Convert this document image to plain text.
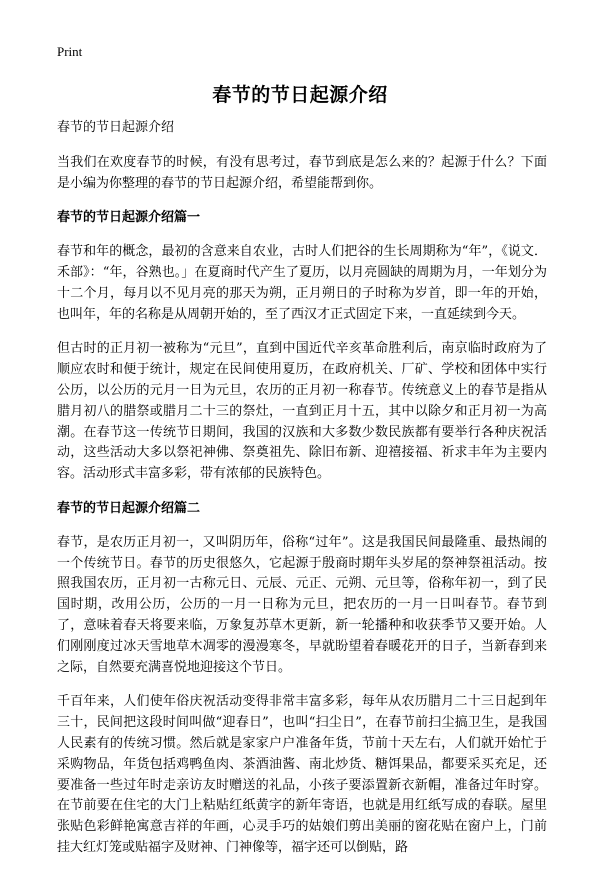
Print
春节的节日起源介绍

春节的节日起源介绍

当我们在欢度春节的时候，有没有思考过，春节到底是怎么来的？起源于什么？下面是小编为你整理的春节的节日起源介绍，希望能帮到你。

春节的节日起源介绍篇一

春节和年的概念，最初的含意来自农业，古时人们把谷的生长周期称为“年”，《说文．禾部》：“年，谷熟也。」在夏商时代产生了夏历，以月亮圆缺的周期为月，一年划分为十二个月，每月以不见月亮的那天为朔，正月朔日的子时称为岁首，即一年的开始，也叫年，年的名称是从周朝开始的，至了西汉才正式固定下来，一直延续到今天。

但古时的正月初一被称为“元旦”，直到中国近代辛亥革命胜利后，南京临时政府为了顺应农时和便于统计，规定在民间使用夏历，在政府机关、厂矿、学校和团体中实行公历，以公历的元月一日为元旦，农历的正月初一称春节。传统意义上的春节是指从腊月初八的腊祭或腊月二十三的祭灶，一直到正月十五，其中以除夕和正月初一为高潮。在春节这一传统节日期间，我国的汉族和大多数少数民族都有要举行各种庆祝活动，这些活动大多以祭祀神佛、祭奠祖先、除旧布新、迎禧接福、祈求丰年为主要内容。活动形式丰富多彩，带有浓郁的民族特色。

春节的节日起源介绍篇二

春节，是农历正月初一，又叫阴历年，俗称“过年”。这是我国民间最隆重、最热闹的一个传统节日。春节的历史很悠久，它起源于殷商时期年头岁尾的祭神祭祖活动。按照我国农历，正月初一古称元日、元辰、元正、元朔、元旦等，俗称年初一，到了民国时期，改用公历，公历的一月一日称为元旦，把农历的一月一日叫春节。春节到了，意味着春天将要来临，万象复苏草木更新，新一轮播种和收获季节又要开始。人们刚刚度过冰天雪地草木凋零的漫漫寒冬，早就盼望着春暖花开的日子，当新春到来之际，自然要充满喜悦地迎接这个节日。

千百年来，人们使年俗庆祝活动变得非常丰富多彩，每年从农历腊月二十三日起到年三十，民间把这段时间叫做“迎春日”，也叫“扫尘日”，在春节前扫尘搞卫生，是我国人民素有的传统习惯。然后就是家家户户准备年货，节前十天左右，人们就开始忙于采购物品，年货包括鸡鸭鱼肉、茶酒油酱、南北炒货、糖饵果品，都要采买充足，还要准备一些过年时走亲访友时赠送的礼品，小孩子要添置新衣新帽，准备过年时穿。在节前要在住宅的大门上粘贴红纸黄字的新年寄语，也就是用红纸写成的春联。屋里张贴色彩鲜艳寓意吉祥的年画，心灵手巧的姑娘们剪出美丽的窗花贴在窗户上，门前挂大红灯笼或贴福字及财神、门神像等，福字还可以倒贴，路
